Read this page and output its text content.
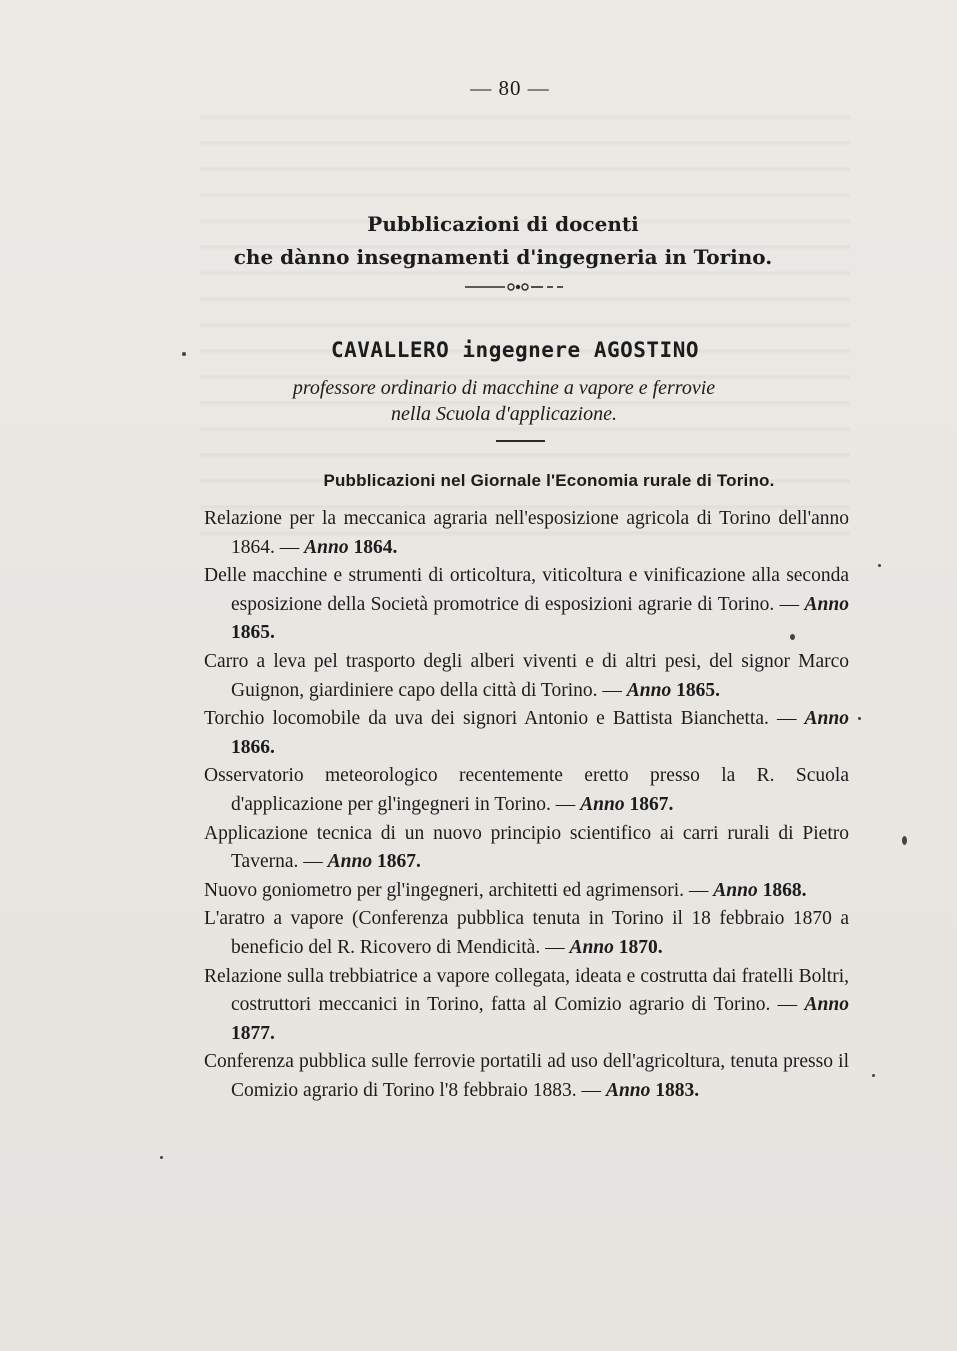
— 80 —
Pubblicazioni di docenti
che dànno insegnamenti d'ingegneria in Torino.
CAVALLERO ingegnere AGOSTINO
professore ordinario di macchine a vapore e ferrovie
nella Scuola d'applicazione.
Pubblicazioni nel Giornale l'Economia rurale di Torino.

Relazione per la meccanica agraria nell'esposizione agricola di Torino dell'anno 1864. — Anno 1864.

Delle macchine e strumenti di orticoltura, viticoltura e vinificazione alla seconda esposizione della Società promotrice di esposizioni agrarie di Torino. — Anno 1865.

Carro a leva pel trasporto degli alberi viventi e di altri pesi, del signor Marco Guignon, giardiniere capo della città di Torino. — Anno 1865.

Torchio locomobile da uva dei signori Antonio e Battista Bianchetta. — Anno 1866.

Osservatorio meteorologico recentemente eretto presso la R. Scuola d'applicazione per gl'ingegneri in Torino. — Anno 1867.

Applicazione tecnica di un nuovo principio scientifico ai carri rurali di Pietro Taverna. — Anno 1867.

Nuovo goniometro per gl'ingegneri, architetti ed agrimensori. — Anno 1868.

L'aratro a vapore (Conferenza pubblica tenuta in Torino il 18 febbraio 1870 a beneficio del R. Ricovero di Mendicità. — Anno 1870.

Relazione sulla trebbiatrice a vapore collegata, ideata e costrutta dai fratelli Boltri, costruttori meccanici in Torino, fatta al Comizio agrario di Torino. — Anno 1877.

Conferenza pubblica sulle ferrovie portatili ad uso dell'agricoltura, tenuta presso il Comizio agrario di Torino l'8 febbraio 1883. — Anno 1883.
